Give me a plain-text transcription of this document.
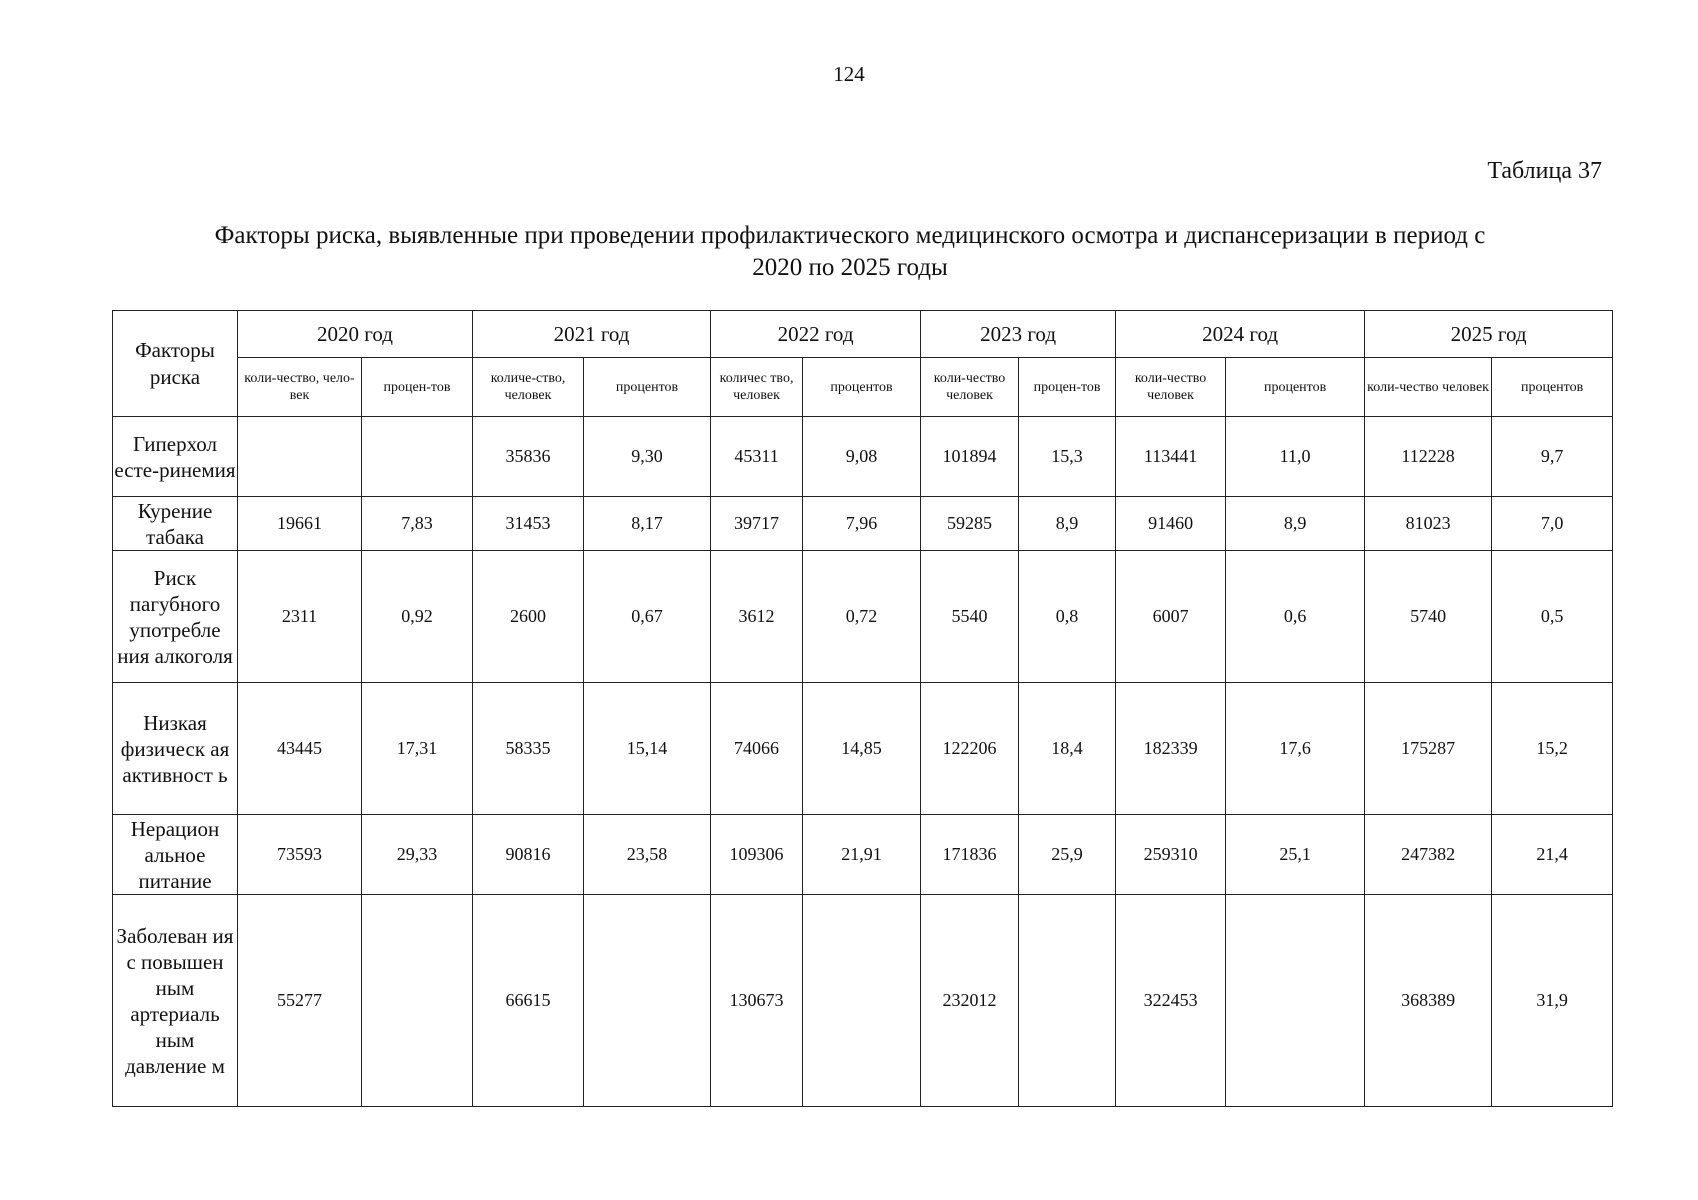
124
Таблица 37
Факторы риска, выявленные при проведении профилактического медицинского осмотра и диспансеризации в период с 2020 по 2025 годы
Факторы риска	2020 год		2021 год		2022 год		2023 год		2024 год		2025 год	
	коли-чество, чело-век	процен-тов	количе-ство, человек	процентов	количес тво, человек	процентов	коли-чество человек	процен-тов	коли-чество человек	процентов	коли-чество человек	процентов
Гиперхол есте-ринемия			35836	9,30	45311	9,08	101894	15,3	113441	11,0	112228	9,7
Курение табака	19661	7,83	31453	8,17	39717	7,96	59285	8,9	91460	8,9	81023	7,0
Риск пагубного употребле ния алкоголя	2311	0,92	2600	0,67	3612	0,72	5540	0,8	6007	0,6	5740	0,5
Низкая физическ ая активност ь	43445	17,31	58335	15,14	74066	14,85	122206	18,4	182339	17,6	175287	15,2
Нерацион альное питание	73593	29,33	90816	23,58	109306	21,91	171836	25,9	259310	25,1	247382	21,4
Заболеван ия с повышен ным артериаль ным давление м	55277		66615		130673		232012		322453		368389	31,9
